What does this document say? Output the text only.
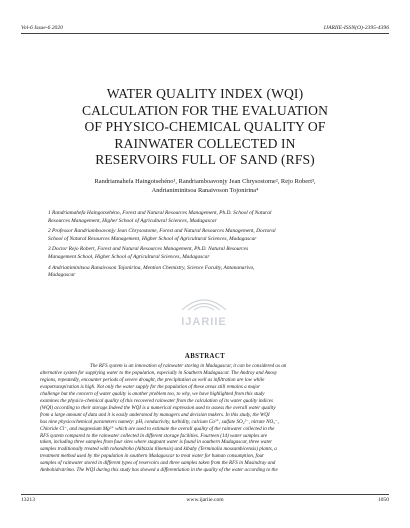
Vol-6 Issue-6 2020	IJARIIE-ISSN(O)-2395-4396
WATER QUALITY INDEX (WQI)
CALCULATION FOR THE EVALUATION
OF PHYSICO-CHEMICAL QUALITY OF
RAINWATER COLLECTED IN
RESERVOIRS FULL OF SAND (RFS)
Randriamahefa Haingotsehéno¹, Randriamboavonjy Jean Chrysostome², Rejo Robert³,
Andrianiminitsoa Ranaivoson Tojonirina⁴
1 Randriamahefa Haingotsehéno, Forest and Natural Resources Management, Ph.D. School of Natural
Resources Management, Higher School of Agricultural Sciences, Madagascar
2 Professor Randriamboavonjy Jean Chrysostome, Forest and Natural Resources Management, Doctoral
School of Natural Resources Management, Higher School of Agricultural Sciences, Madagascar
3 Doctor Rejo Robert, Forest and Natural Resources Management, Ph.D. Natural Resources
Management School, Higher School of Agricultural Sciences, Madagascar
4 Andrianiminitsoa Ranaivoson Tojonirina, Mention Chemistry, Science Faculty, Antananarivo,
Madagascar
IJARIIE
ABSTRACT
The RFS system is an innovation of rainwater storing in Madagascar, it can be considered as an
alternative system for supplying water to the population, especially in Southern Madagascar. The Androy and Anosy
regions, repeatedly, encounter periods of severe drought, the precipitation as well as infiltration are low while
evapotranspiration is high. Not only the water supply for the population of these areas still remains a major
challenge but the concern of water quality is another problem too, to why, we have highlighted from this study
examines the physico-chemical quality of this recovered rainwater from the calculation of its water quality indices
(WQI) according to their storage.Indeed the WQI is a numerical expression used to assess the overall water quality
from a large amount of data and it is easily understood by managers and decision makers. In this study, the WQI
has nine physicochemical parameters namely: pH, conductivity, turbidity, calcium Ca²⁺, sulfate SO₄²⁻, nitrate NO₃⁻,
Chloride Cl⁻, and magnesium Mg²⁺ which are used to estimate the overall quality of the rainwater collected in the
RFS system compared to the rainwater collected in different storage facilities. Fourteen (14) water samples are
taken, including three samples from four sites where stagnant water is found in southern Madagascar, three water
samples traditionally treated with rohondroho (Albizzia tlinensis) and kibaby (Terminalia mossambicensis) plants, a
treatment method used by the population in southern Madagascar to treat water for human consumption, four
samples of rainwater stored in different types of reservoirs and three samples taken from the RFS in Masindray and
Ambohidratrimo. The WQI during this study has showed a differentiation in the quality of the water according to the
13213	www.ijariie.com	1050
